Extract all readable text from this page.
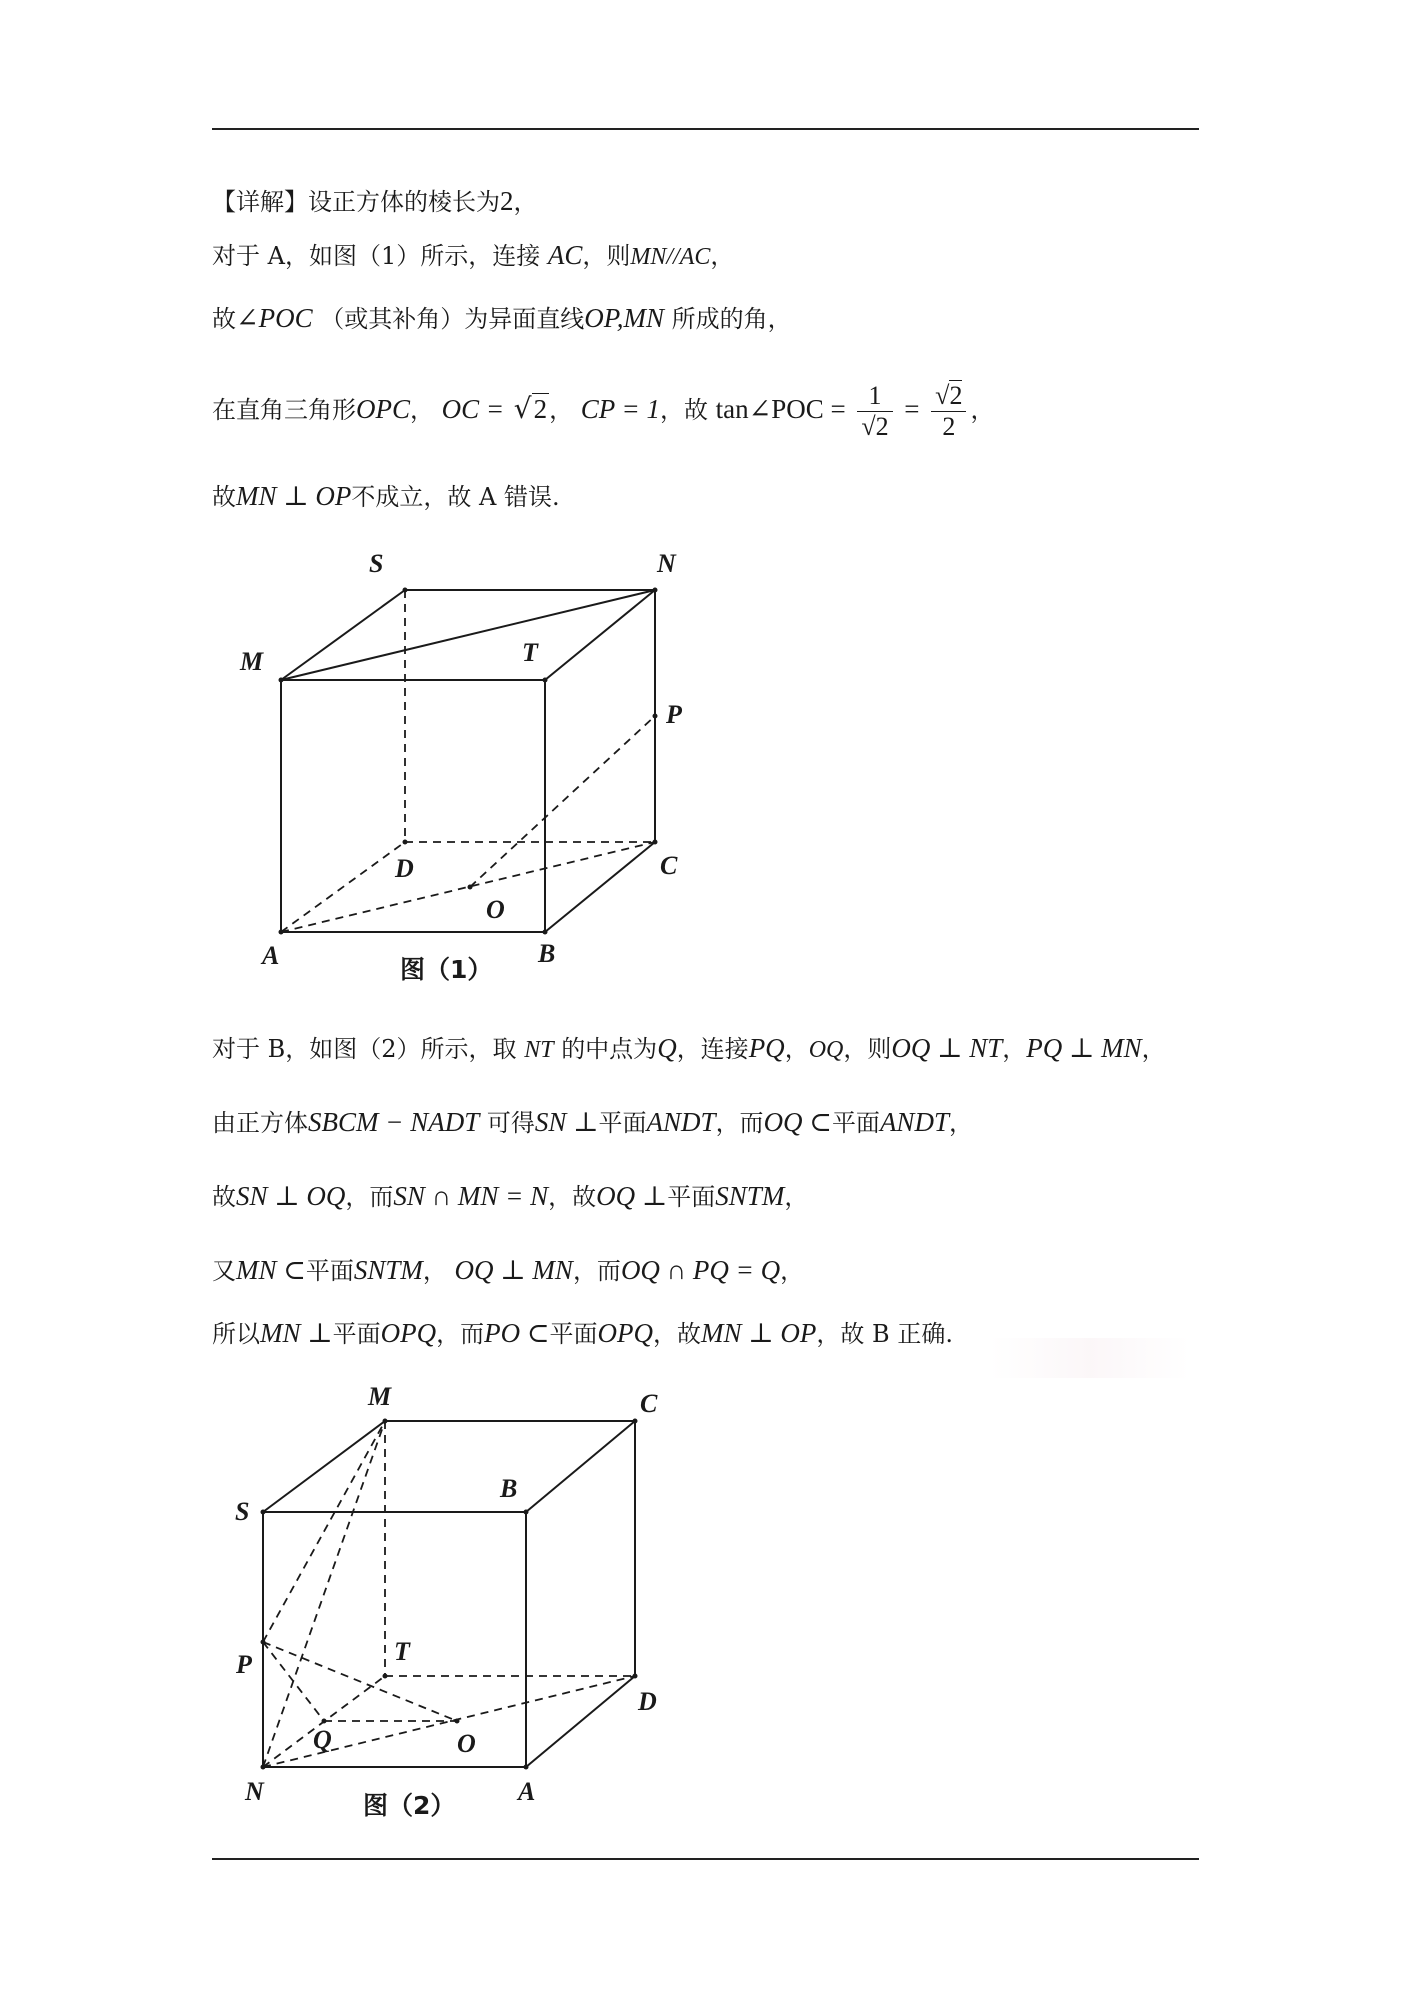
【详解】设正方体的棱长为2，
对于 A，如图（1）所示，连接 AC，则MN//AC，
故∠POC （或其补角）为异面直线OP,MN 所成的角，
在直角三角形OPC， OC = √2， CP = 1，故 tan∠POC = $\frac{1}{√2} = \frac{√2}{2}$ ，
故MN ⊥ OP不成立，故 A 错误.
S	N
M	T
P
D	C
O
A	B
图（1）
对于 B，如图（2）所示，取 NT 的中点为Q，连接PQ，OQ，则OQ ⊥ NT，PQ ⊥ MN，
由正方体SBCM − NADT 可得SN ⊥平面ANDT，而OQ ⊂平面ANDT，
故SN ⊥ OQ，而SN ∩ MN = N，故OQ ⊥平面SNTM，
又MN ⊂平面SNTM， OQ ⊥ MN，而OQ ∩ PQ = Q，
所以MN ⊥平面OPQ，而PO ⊂平面OPQ，故MN ⊥ OP，故 B 正确.
M	C
S
B
P	T
D
Q	O
N	A
图（2）
